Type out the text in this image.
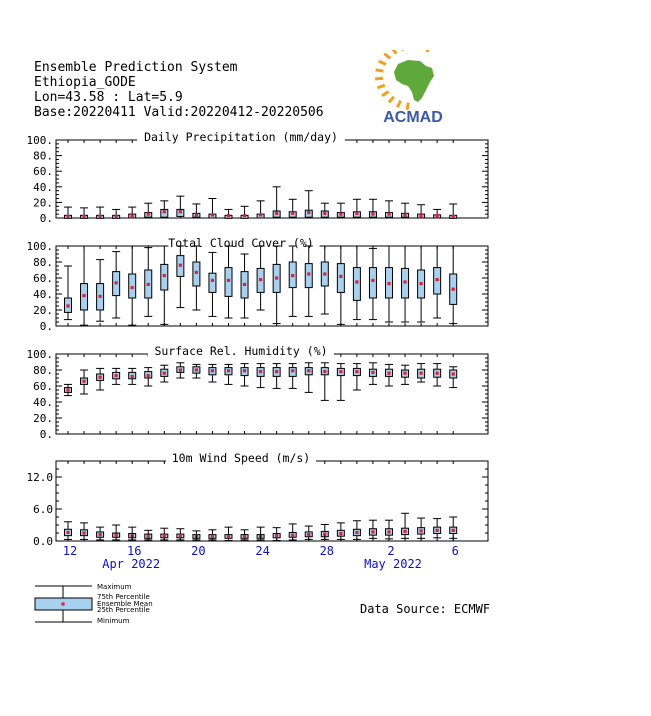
Ensemble Prediction System
Ethiopia_GODE
Lon=43.58 : Lat=5.9
Base:20220411 Valid:20220412-20220506	ACMAD
0.
20.
40.
60.
80.
100.	Daily Precipitation (mm/day)
0.
20.
40.
60.
80.
100.	Total Cloud Cover (%)
0.
20.
40.
60.
80.
100.	Surface Rel. Humidity (%)
0.0
6.0
12.0
10m Wind Speed (m/s)
12	16	20	24	28	2	6
Apr 2022	May 2022
Maximum
75th Percentile
Ensemble Mean
25th Percentile
Minimum
Data Source: ECMWF
